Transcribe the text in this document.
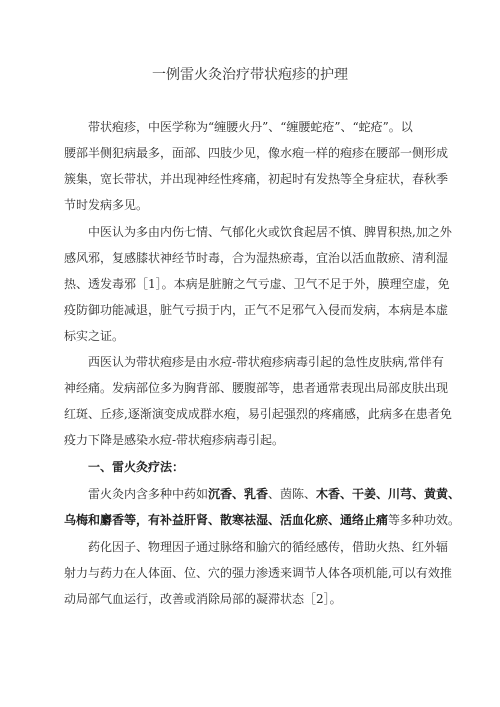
一例雷火灸治疗带状疱疹的护理
带状疱疹，中医学称为“缠腰火丹”、“缠腰蛇疮”、“蛇疮”。以
腰部半侧犯病最多，面部、四肢少见，像水疱一样的疱疹在腰部一侧形成
簇集，宽长带状，并出现神经性疼痛，初起时有发热等全身症状，春秋季
节时发病多见。
中医认为多由内伤七情、气郁化火或饮食起居不慎、脾胃积热,加之外
感风邪，复感膝状神经节时毒，合为湿热瘀毒，宜治以活血散瘀、清利湿
热、透发毒邪［1］。本病是脏腑之气亏虚、卫气不足于外，膜理空虚，免
疫防御功能减退，脏气亏损于内，正气不足邪气入侵而发病，本病是本虚
标实之证。
西医认为带状疱疹是由水痘-带状疱疹病毒引起的急性皮肤病,常伴有
神经痛。发病部位多为胸背部、腰腹部等，患者通常表现出局部皮肤出现
红斑、丘疹,逐渐演变成成群水疱，易引起强烈的疼痛感，此病多在患者免
疫力下降是感染水痘-带状疱疹病毒引起。
一、雷火灸疗法：
雷火灸内含多种中药如沉香、乳香、茵陈、木香、干姜、川芎、黄黄、
乌梅和麝香等，有补益肝肾、散寒祛湿、活血化瘀、通络止痛等多种功效。
药化因子、物理因子通过脉络和腧穴的循经感传，借助火热、红外辐
射力与药力在人体面、位、穴的强力渗透来调节人体各项机能,可以有效推
动局部气血运行，改善或消除局部的凝滞状态［2］。
